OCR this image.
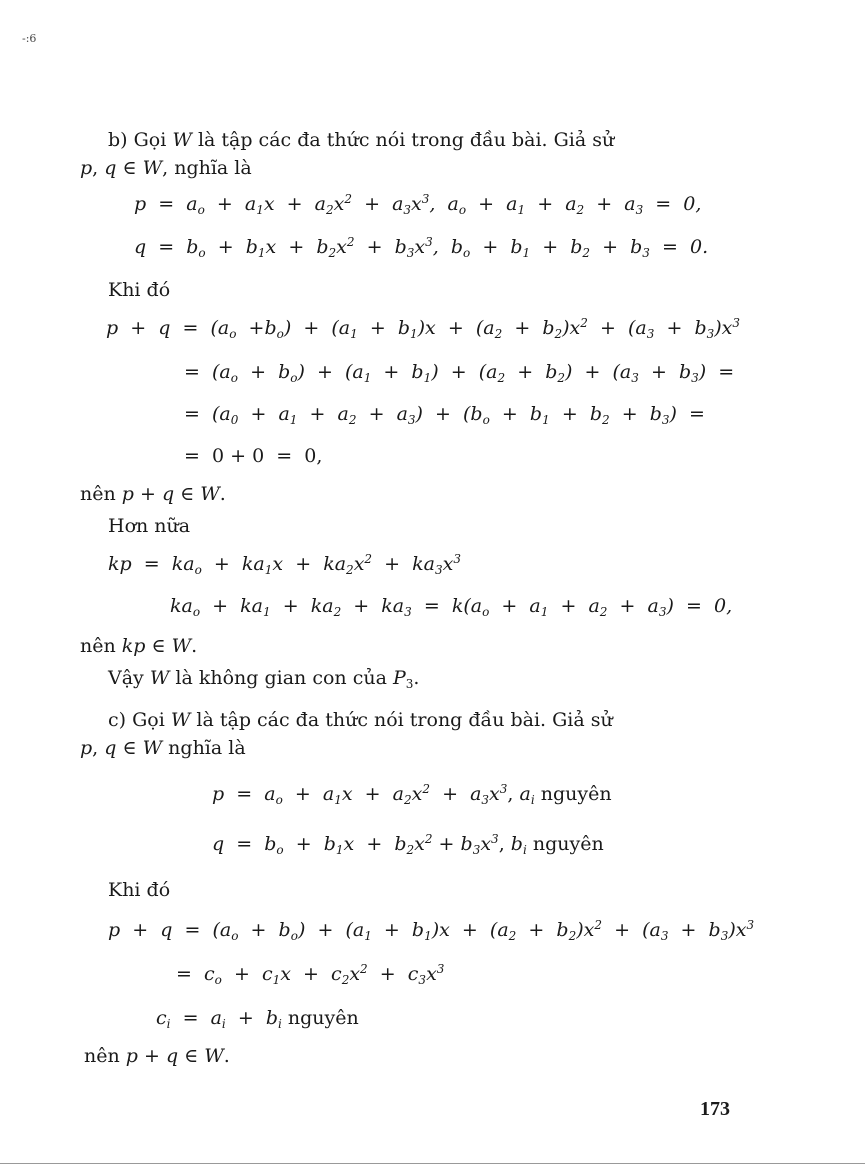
-:6
b) Gọi W là tập các đa thức nói trong đầu bài. Giả sử
p, q ∈ W, nghĩa là
$p = a_o + a_1x + a_2x^2 + a_3x^3$,  $a_o + a_1 + a_2 + a_3 = 0$,
$q = b_o + b_1x + b_2x^2 + b_3x^3$,  $b_o + b_1 + b_2 + b_3 = 0$.
Khi đó
$p + q = (a_o +b_o) + (a_1 + b_1)x + (a_2 + b_2)x^2 + (a_3 + b_3)x^3$
=  $(a_o + b_o) + (a_1 + b_1) + (a_2 + b_2) + (a_3 + b_3)$  =
=  $(a_0 + a_1 + a_2 + a_3) + (b_o + b_1 + b_2 + b_3)$  =
=  0 + 0  =  0,
nên p + q ∈ W.
Hơn nữa
kp  =  $ka_o + ka_1x + ka_2x^2 + ka_3x^3$
$ka_o + ka_1 + ka_2 + ka_3 = k(a_o + a_1 + a_2 + a_3) = 0$,
nên kp ∈ W.
Vậy W là không gian con của $P_3$.
c) Gọi W là tập các đa thức nói trong đầu bài. Giả sử
p, q ∈ W nghĩa là
$p = a_o + a_1x + a_2x^2 + a_3x^3$, $a_i$ nguyên
$q = b_o + b_1x + b_2x^2 + b_3x^3$, $b_i$ nguyên
Khi đó
$p + q = (a_o + b_o) + (a_1 + b_1)x + (a_2 + b_2)x^2 + (a_3 + b_3)x^3$
=  $c_o + c_1x + c_2x^2 + c_3x^3$
$c_i = a_i + b_i$ nguyên
nên p + q ∈ W.
173
